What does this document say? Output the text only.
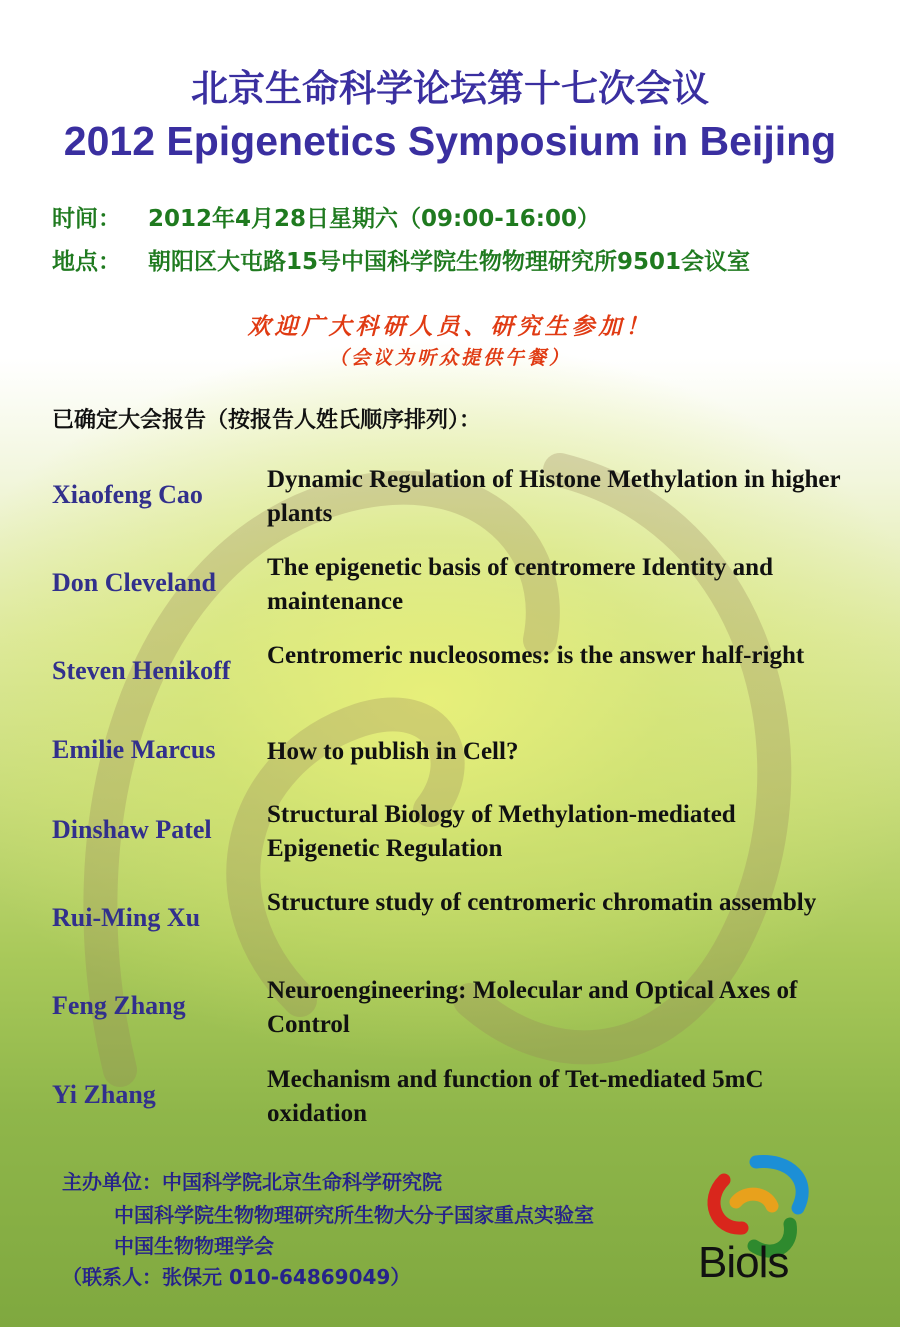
北京生命科学论坛第十七次会议
2012 Epigenetics Symposium in Beijing
时间： 2012年4月28日星期六（09:00-16:00）
地点： 朝阳区大屯路15号中国科学院生物物理研究所9501会议室
欢迎广大科研人员、研究生参加！
（会议为听众提供午餐）
已确定大会报告（按报告人姓氏顺序排列）：
Xiaofeng Cao
Dynamic Regulation of Histone Methylation in higher plants
Don Cleveland
The epigenetic basis of centromere Identity and maintenance
Steven Henikoff
Centromeric nucleosomes: is the answer half-right
Emilie Marcus How to publish in Cell?
Dinshaw Patel
Structural Biology of Methylation-mediated Epigenetic Regulation
Rui-Ming Xu
Structure study of centromeric chromatin assembly
Feng Zhang
Neuroengineering: Molecular and Optical Axes of Control
Yi Zhang
Mechanism and function of Tet-mediated 5mC oxidation
主办单位：中国科学院北京生命科学研究院
中国科学院生物物理研究所生物大分子国家重点实验室
中国生物物理学会
（联系人：张保元 010-64869049）	Biols
